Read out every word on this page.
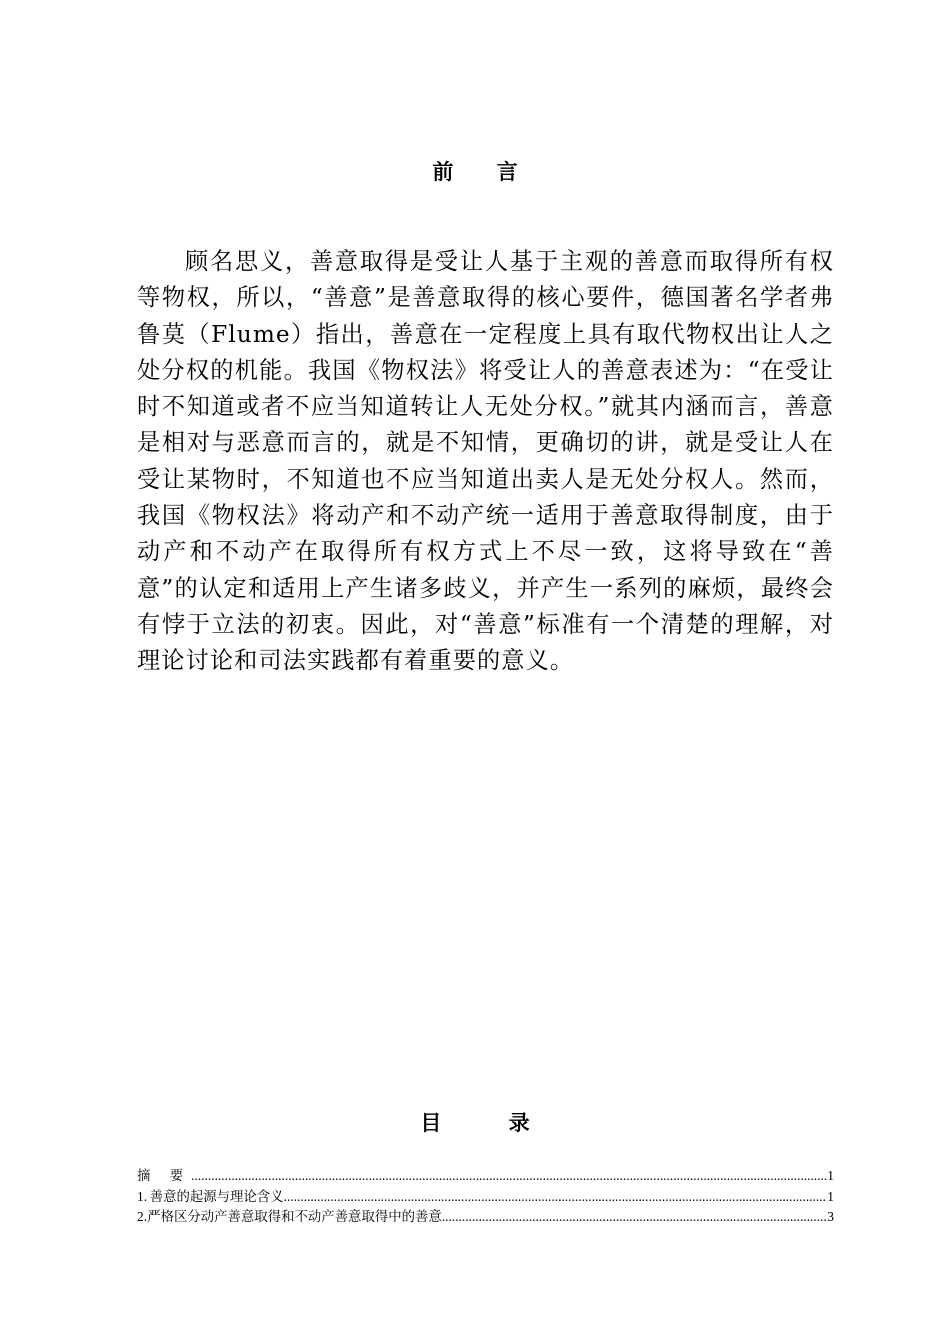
前 言

顾名思义，善意取得是受让人基于主观的善意而取得所有权等物权，所以，“善意”是善意取得的核心要件，德国著名学者弗鲁莫（Flume）指出，善意在一定程度上具有取代物权出让人之处分权的机能。我国《物权法》将受让人的善意表述为：“在受让时不知道或者不应当知道转让人无处分权。”就其内涵而言，善意是相对与恶意而言的，就是不知情，更确切的讲，就是受让人在受让某物时，不知道也不应当知道出卖人是无处分权人。然而，我国《物权法》将动产和不动产统一适用于善意取得制度，由于动产和不动产在取得所有权方式上不尽一致，这将导致在“善意”的认定和适用上产生诸多歧义，并产生一系列的麻烦，最终会有悖于立法的初衷。因此，对“善意”标准有一个清楚的理解，对理论讨论和司法实践都有着重要的意义。

目 录
摘 要 .....	1
1. 善意的起源与理论含义 .....	1
2. 严格区分动产善意取得和不动产善意取得中的善意 .....	3
